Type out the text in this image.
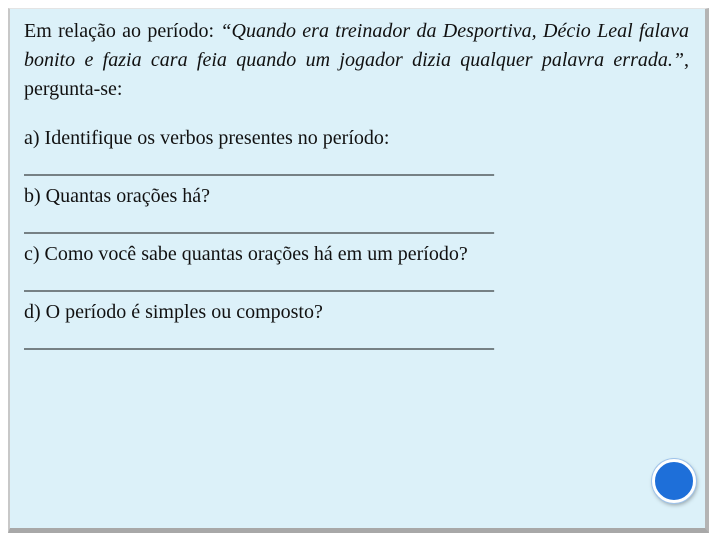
Em relação ao período: “Quando era treinador da Desportiva, Décio Leal falava bonito e fazia cara feia quando um jogador dizia qualquer palavra errada.”, pergunta-se:

a) Identifique os verbos presentes no período:

_______________________________________________

b) Quantas orações há?

_______________________________________________

c) Como você sabe quantas orações há em um período?

_______________________________________________

d) O período é simples ou composto?

_______________________________________________
